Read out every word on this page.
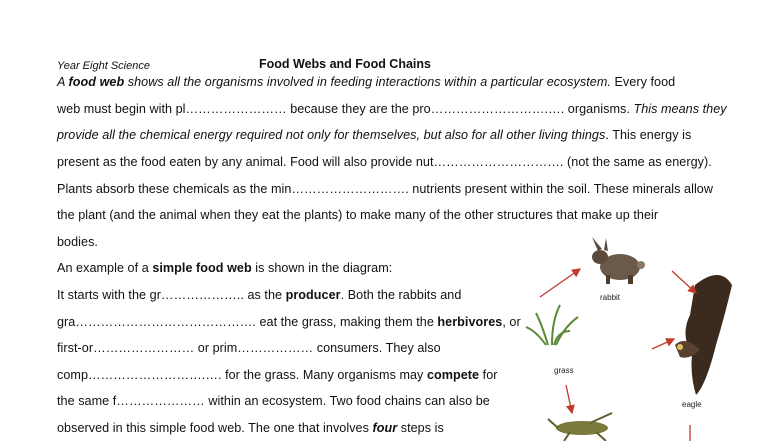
Year Eight Science	Food Webs and Food Chains
A food web shows all the organisms involved in feeding interactions within a particular ecosystem. Every food
web must begin with pl…………………… because they are the pro……………………….…. organisms. This means they
provide all the chemical energy required not only for themselves, but also for all other living things. This energy is
present as the food eaten by any animal. Food will also provide nut…………………………. (not the same as energy).
Plants absorb these chemicals as the min………………………. nutrients present within the soil. These minerals allow
the plant (and the animal when they eat the plants) to make many of the other structures that make up their
bodies.
An example of a simple food web is shown in the diagram:
It starts with the gr……………….. as the producer. Both the rabbits and
gra……………………………………. eat the grass, making them the herbivores, or
first-or…………………… or prim……………… consumers. They also
comp……………………….…. for the grass. Many organisms may compete for
the same f………………… within an ecosystem. Two food chains can also be
observed in this simple food web. The one that involves four steps is
rabbit
grass
eagle
